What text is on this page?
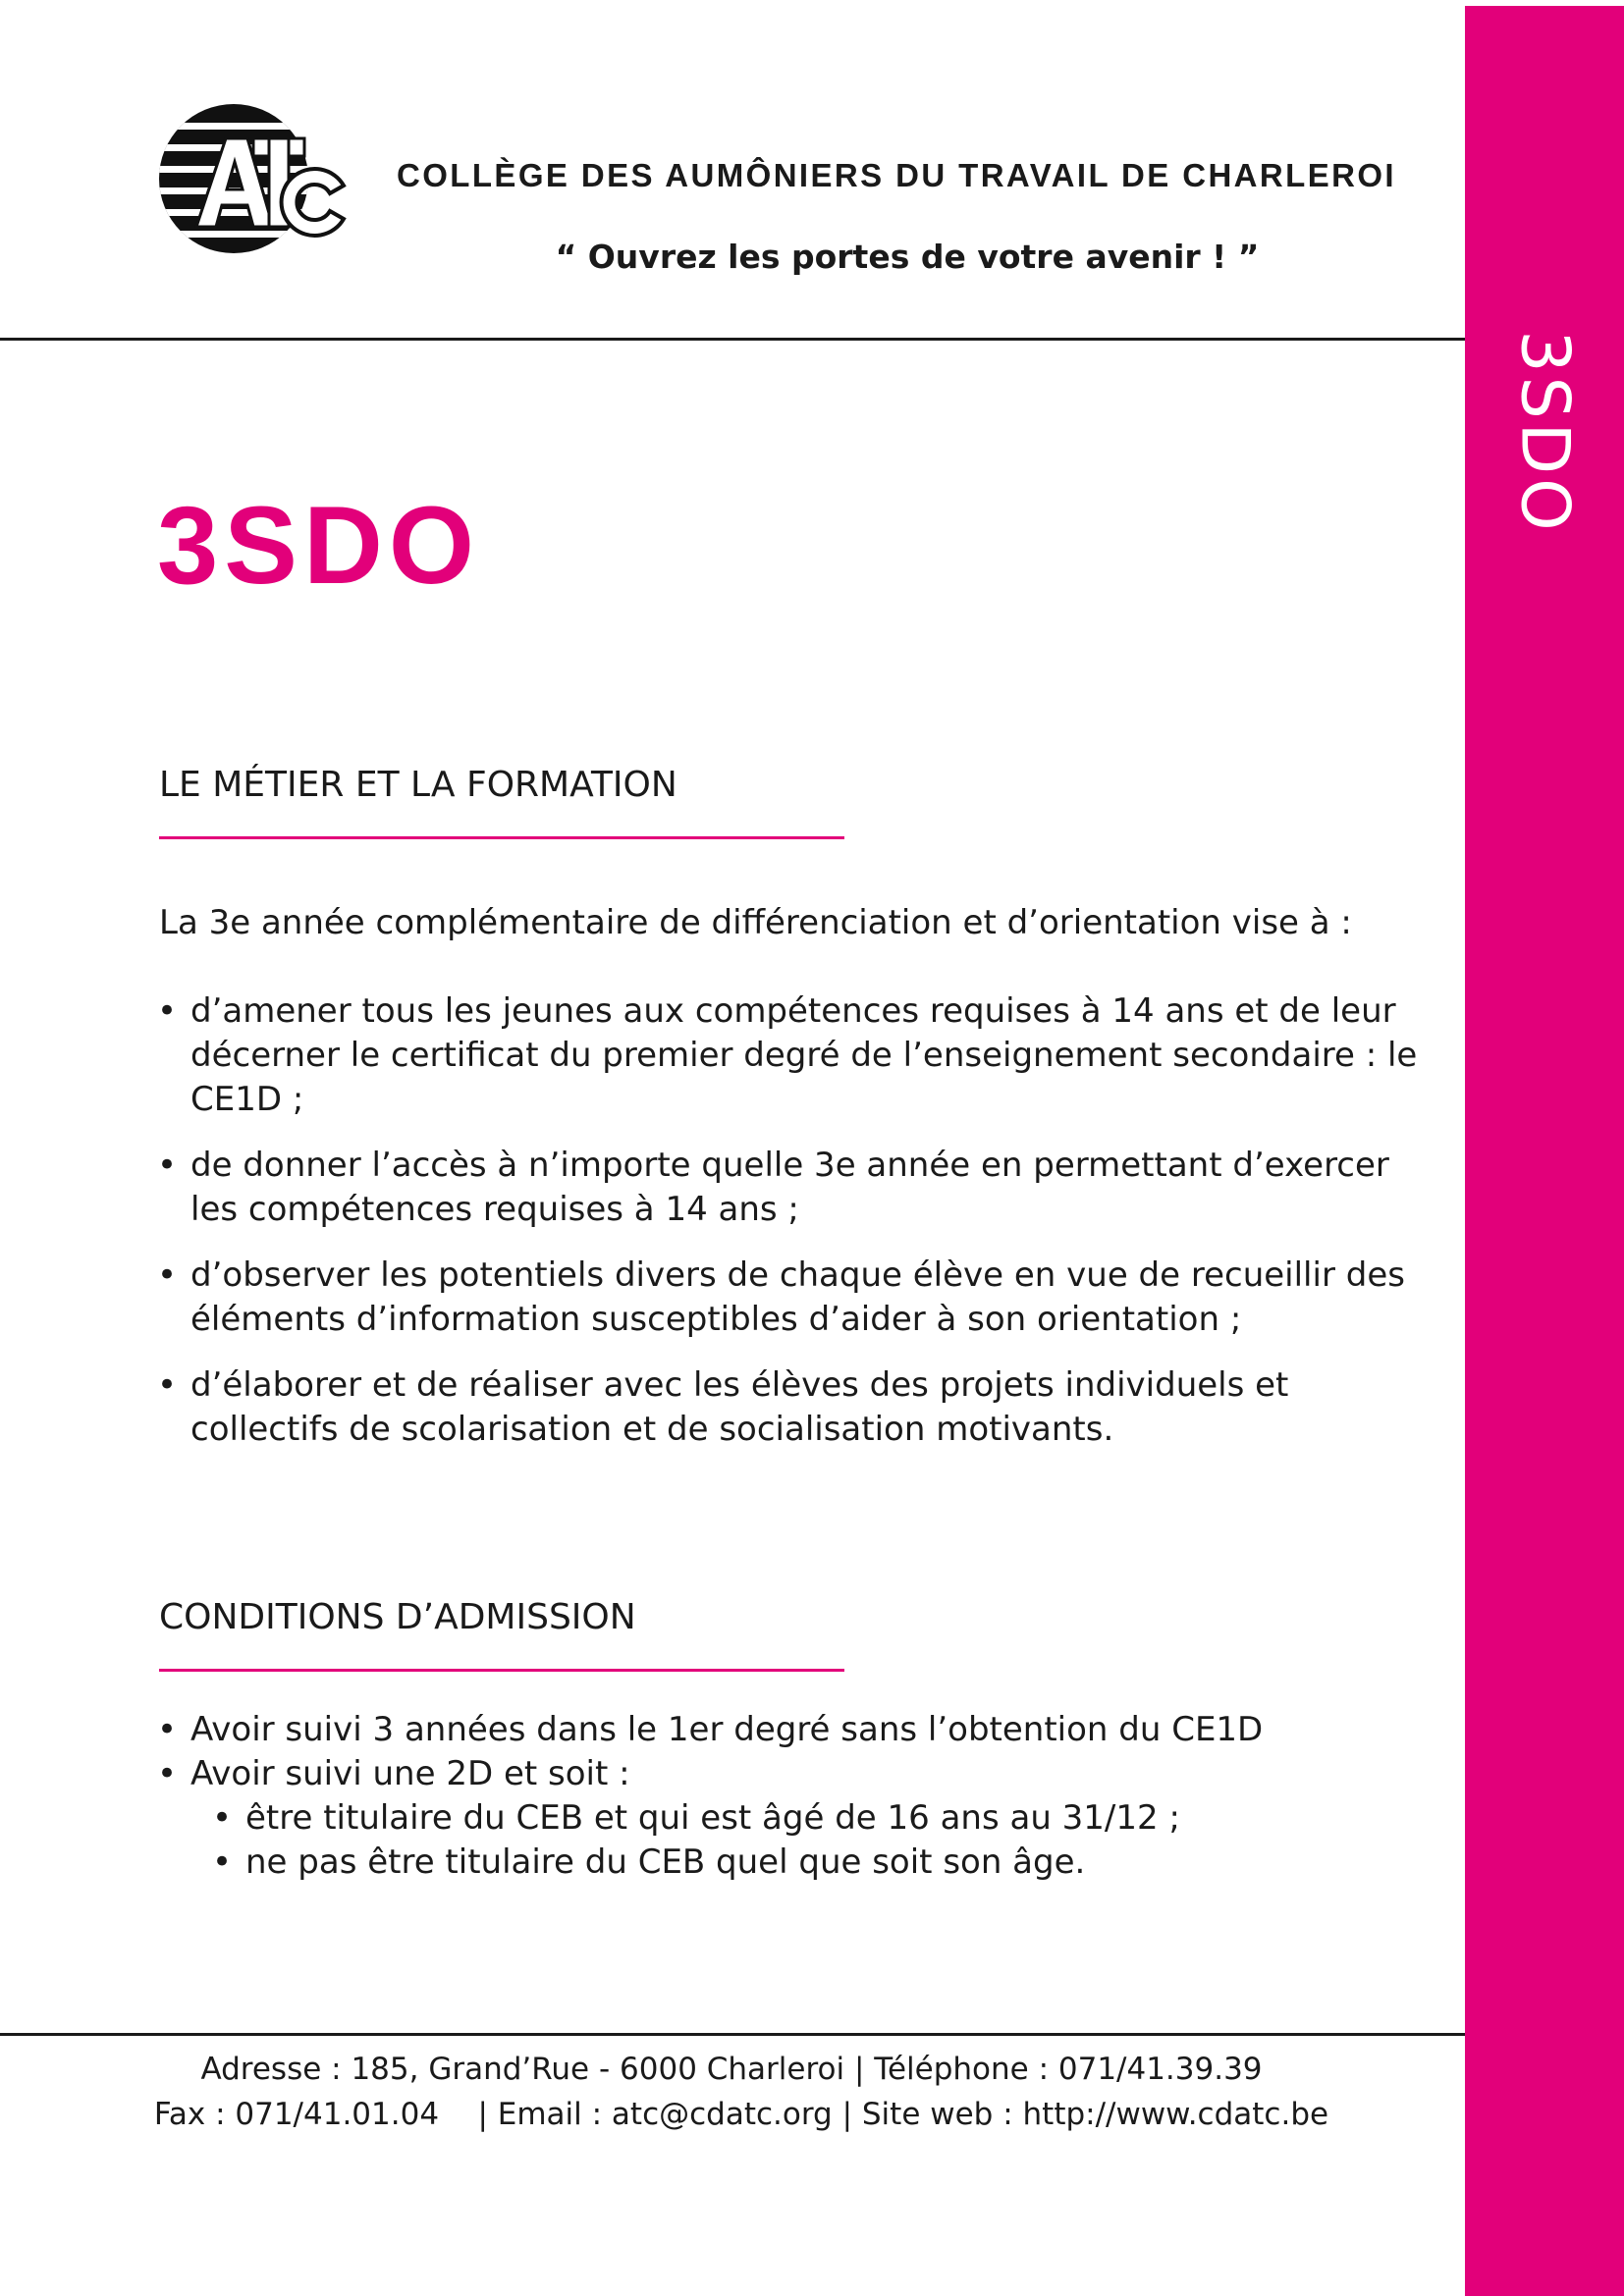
3SDO
COLLÈGE DES AUMÔNIERS DU TRAVAIL DE CHARLEROI
“ Ouvrez les portes de votre avenir ! ”
3SDO
LE MÉTIER ET LA FORMATION
La 3e année complémentaire de différenciation et d’orientation vise à :
• d’amener tous les jeunes aux compétences requises à 14 ans et de leur décerner le certificat du premier degré de l’enseignement secondaire : le CE1D ;
• de donner l’accès à n’importe quelle 3e année en permettant d’exercer les compétences requises à 14 ans ;
• d’observer les potentiels divers de chaque élève en vue de recueillir des éléments d’information susceptibles d’aider à son orientation ;
• d’élaborer et de réaliser avec les élèves des projets individuels et collectifs de scolarisation et de socialisation motivants.
CONDITIONS D’ADMISSION
• Avoir suivi 3 années dans le 1er degré sans l’obtention du CE1D
• Avoir suivi une 2D et soit :
• être titulaire du CEB et qui est âgé de 16 ans au 31/12 ;
• ne pas être titulaire du CEB quel que soit son âge.
Adresse : 185, Grand’Rue - 6000 Charleroi | Téléphone : 071/41.39.39
Fax : 071/41.01.04    | Email : atc@cdatc.org | Site web : http://www.cdatc.be
